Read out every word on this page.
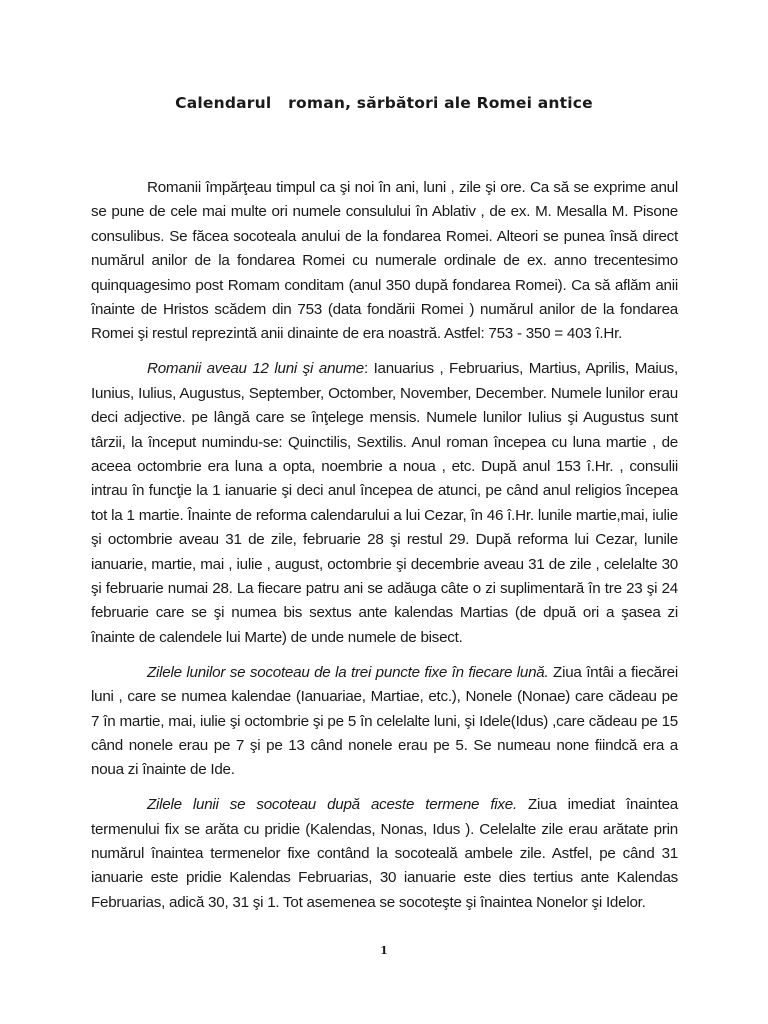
Calendarul   roman, sărbători ale Romei antice

Romanii împărţeau timpul ca şi noi în ani, luni , zile şi ore. Ca să se exprime anul se pune de cele mai multe ori numele consulului în Ablativ , de ex. M. Mesalla M. Pisone consulibus. Se făcea socoteala anului de la fondarea Romei. Alteori se punea însă direct numărul anilor de la fondarea Romei cu numerale ordinale de ex. anno trecentesimo quinquagesimo post Romam conditam (anul 350 după fondarea Romei). Ca să aflăm anii înainte de Hristos scădem din 753 (data fondării Romei ) numărul anilor de la fondarea Romei şi restul reprezintă anii dinainte de era noastră. Astfel: 753 - 350 = 403 î.Hr.

Romanii aveau 12 luni şi anume: Ianuarius , Februarius, Martius, Aprilis, Maius, Iunius, Iulius, Augustus, September, Octomber, November, December. Numele lunilor erau deci adjective. pe lângă care se înţelege mensis. Numele lunilor Iulius şi Augustus sunt târzii, la început numindu-se: Quinctilis, Sextilis. Anul roman începea cu luna martie , de aceea octombrie era luna a opta, noembrie a noua , etc. După anul 153 î.Hr. , consulii intrau în funcţie la 1 ianuarie şi deci anul începea de atunci, pe când anul religios începea tot la 1 martie. Înainte de reforma calendarului a lui Cezar, în 46 î.Hr. lunile martie,mai, iulie şi octombrie aveau 31 de zile, februarie 28 şi restul 29. După reforma lui Cezar, lunile ianuarie, martie, mai , iulie , august, octombrie şi decembrie aveau 31 de zile , celelalte 30 şi februarie numai 28. La fiecare patru ani se adăuga câte o zi suplimentară în tre 23 şi 24 februarie care se şi numea bis sextus ante kalendas Martias (de dpuă ori a şasea zi înainte de calendele lui Marte) de unde numele de bisect.

Zilele lunilor se socoteau de la trei puncte fixe în fiecare lună. Ziua întâi a fiecărei luni , care se numea kalendae (Ianuariae, Martiae, etc.), Nonele (Nonae) care cădeau pe 7 în martie, mai, iulie şi octombrie şi pe 5 în celelalte luni, şi Idele(Idus) ,care cădeau pe 15 când nonele erau pe 7 şi pe 13 când nonele erau pe 5. Se numeau none fiindcă era a noua zi înainte de Ide.

Zilele lunii se socoteau după aceste termene fixe. Ziua imediat înaintea termenului fix se arăta cu pridie (Kalendas, Nonas, Idus ). Celelalte zile erau arătate prin numărul înaintea termenelor fixe contând la socoteală ambele zile. Astfel, pe când 31 ianuarie este pridie Kalendas Februarias, 30 ianuarie este dies tertius ante Kalendas Februarias, adică 30, 31 şi 1. Tot asemenea se socoteşte şi înaintea Nonelor şi Idelor.

1
